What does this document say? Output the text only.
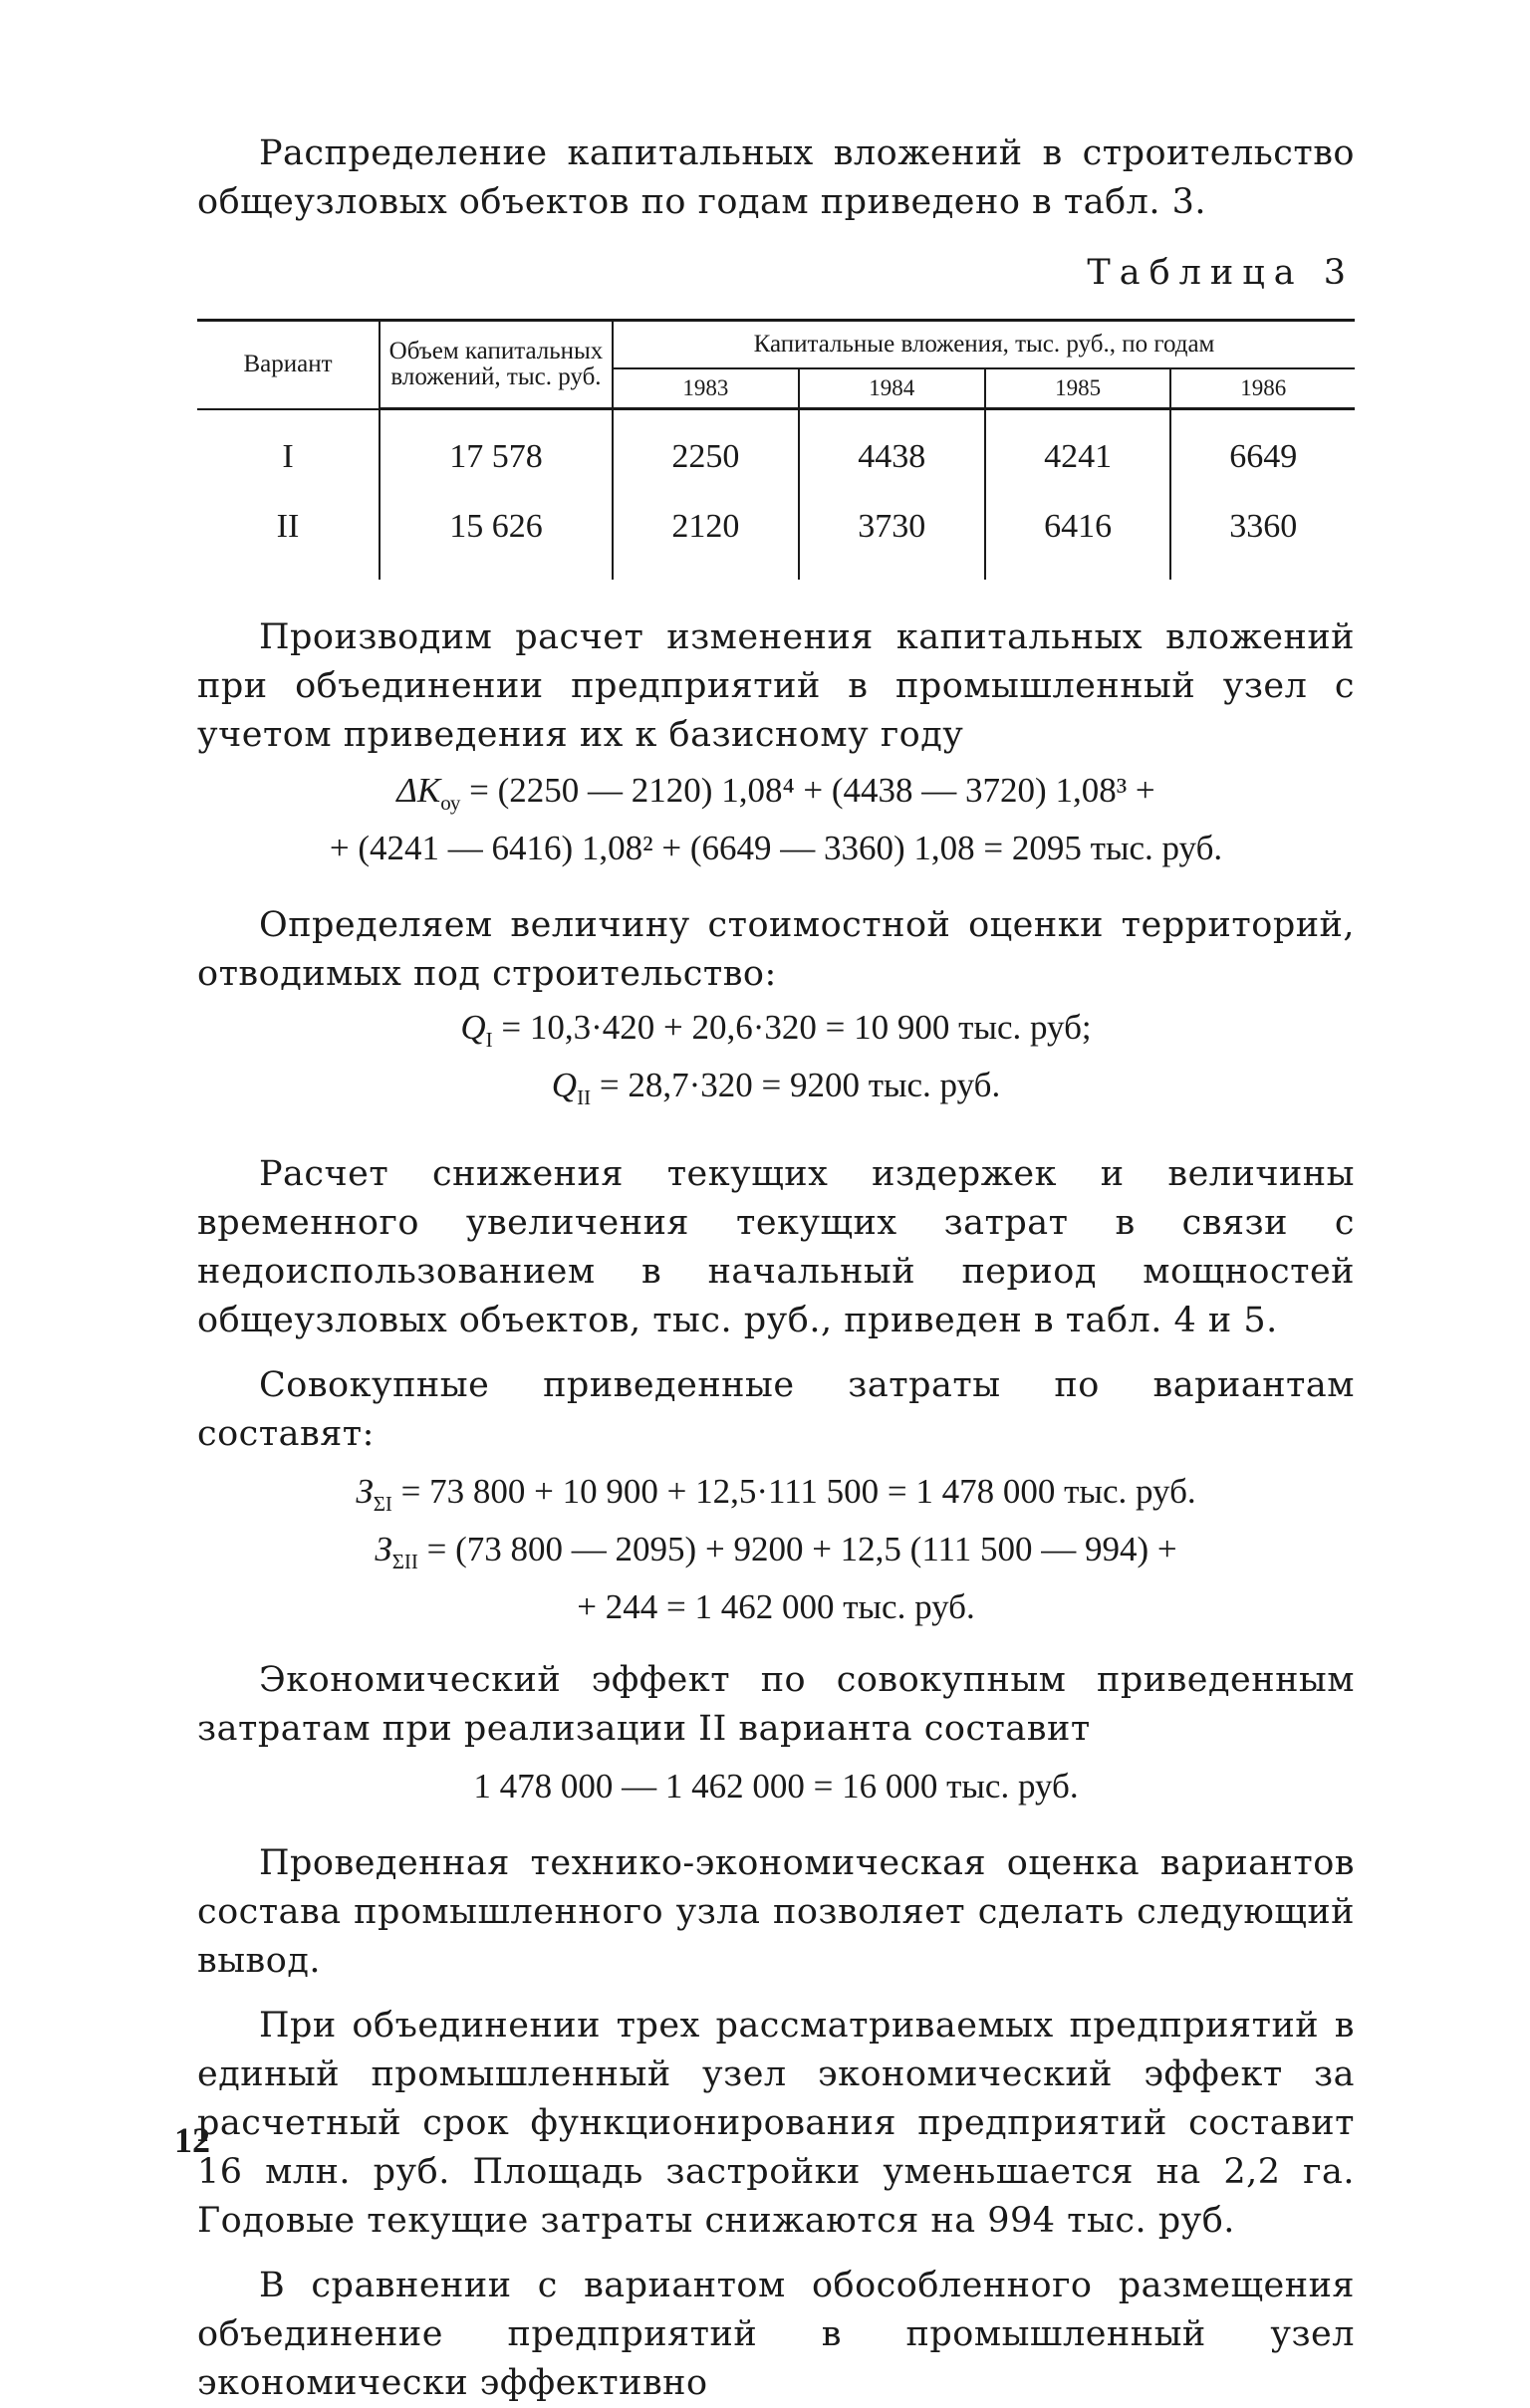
Распределение капитальных вложений в строительство общеузловых объектов по годам приведено в табл. 3.

Таблица 3
Вариант	Объем капитальных вложений, тыс. руб.	Капитальные вложения, тыс. руб., по годам			
		1983	1984	1985	1986
I	17 578	2250	4438	4241	6649
II	15 626	2120	3730	6416	3360

Производим расчет изменения капитальных вложений при объединении предприятий в промышленный узел с учетом приведения их к базисному году

$\Delta K_{оу} = (2250$ — 2120) 1,08⁴ + (4438 — 3720) 1,08³ +

+ (4241 — 6416) 1,08² + (6649 — 3360) 1,08 = 2095 тыс. руб.

Определяем величину стоимостной оценки территорий, отводимых под строительство:

$Q_I = 10,3\cdot 420 + 20,6\cdot 320 = 10$ 900 тыс. руб;

$Q_{II} = 28,7\cdot 320 = 9200$ тыс. руб.

Расчет снижения текущих издержек и величины временного увеличения текущих затрат в связи с недоиспользованием в начальный период мощностей общеузловых объектов, тыс. руб., приведен в табл. 4 и 5.

Совокупные приведенные затраты по вариантам составят:

$З_{\Sigma I} = 73$ 800 + 10 900 + 12,5·111 500 = 1 478 000 тыс. руб.

$З_{\Sigma II} = (73$ 800 — 2095) + 9200 + 12,5 (111 500 — 994) +

+ 244 = 1 462 000 тыс. руб.

Экономический эффект по совокупным приведенным затратам при реализации II варианта составит

1 478 000 — 1 462 000 = 16 000 тыс. руб.

Проведенная технико-экономическая оценка вариантов состава промышленного узла позволяет сделать следующий вывод.

При объединении трех рассматриваемых предприятий в единый промышленный узел экономический эффект за расчетный срок функционирования предприятий составит 16 млн. руб. Площадь застройки уменьшается на 2,2 га. Годовые текущие затраты снижаются на 994 тыс. руб.

В сравнении с вариантом обособленного размещения объединение предприятий в промышленный узел экономически эффективно

12
